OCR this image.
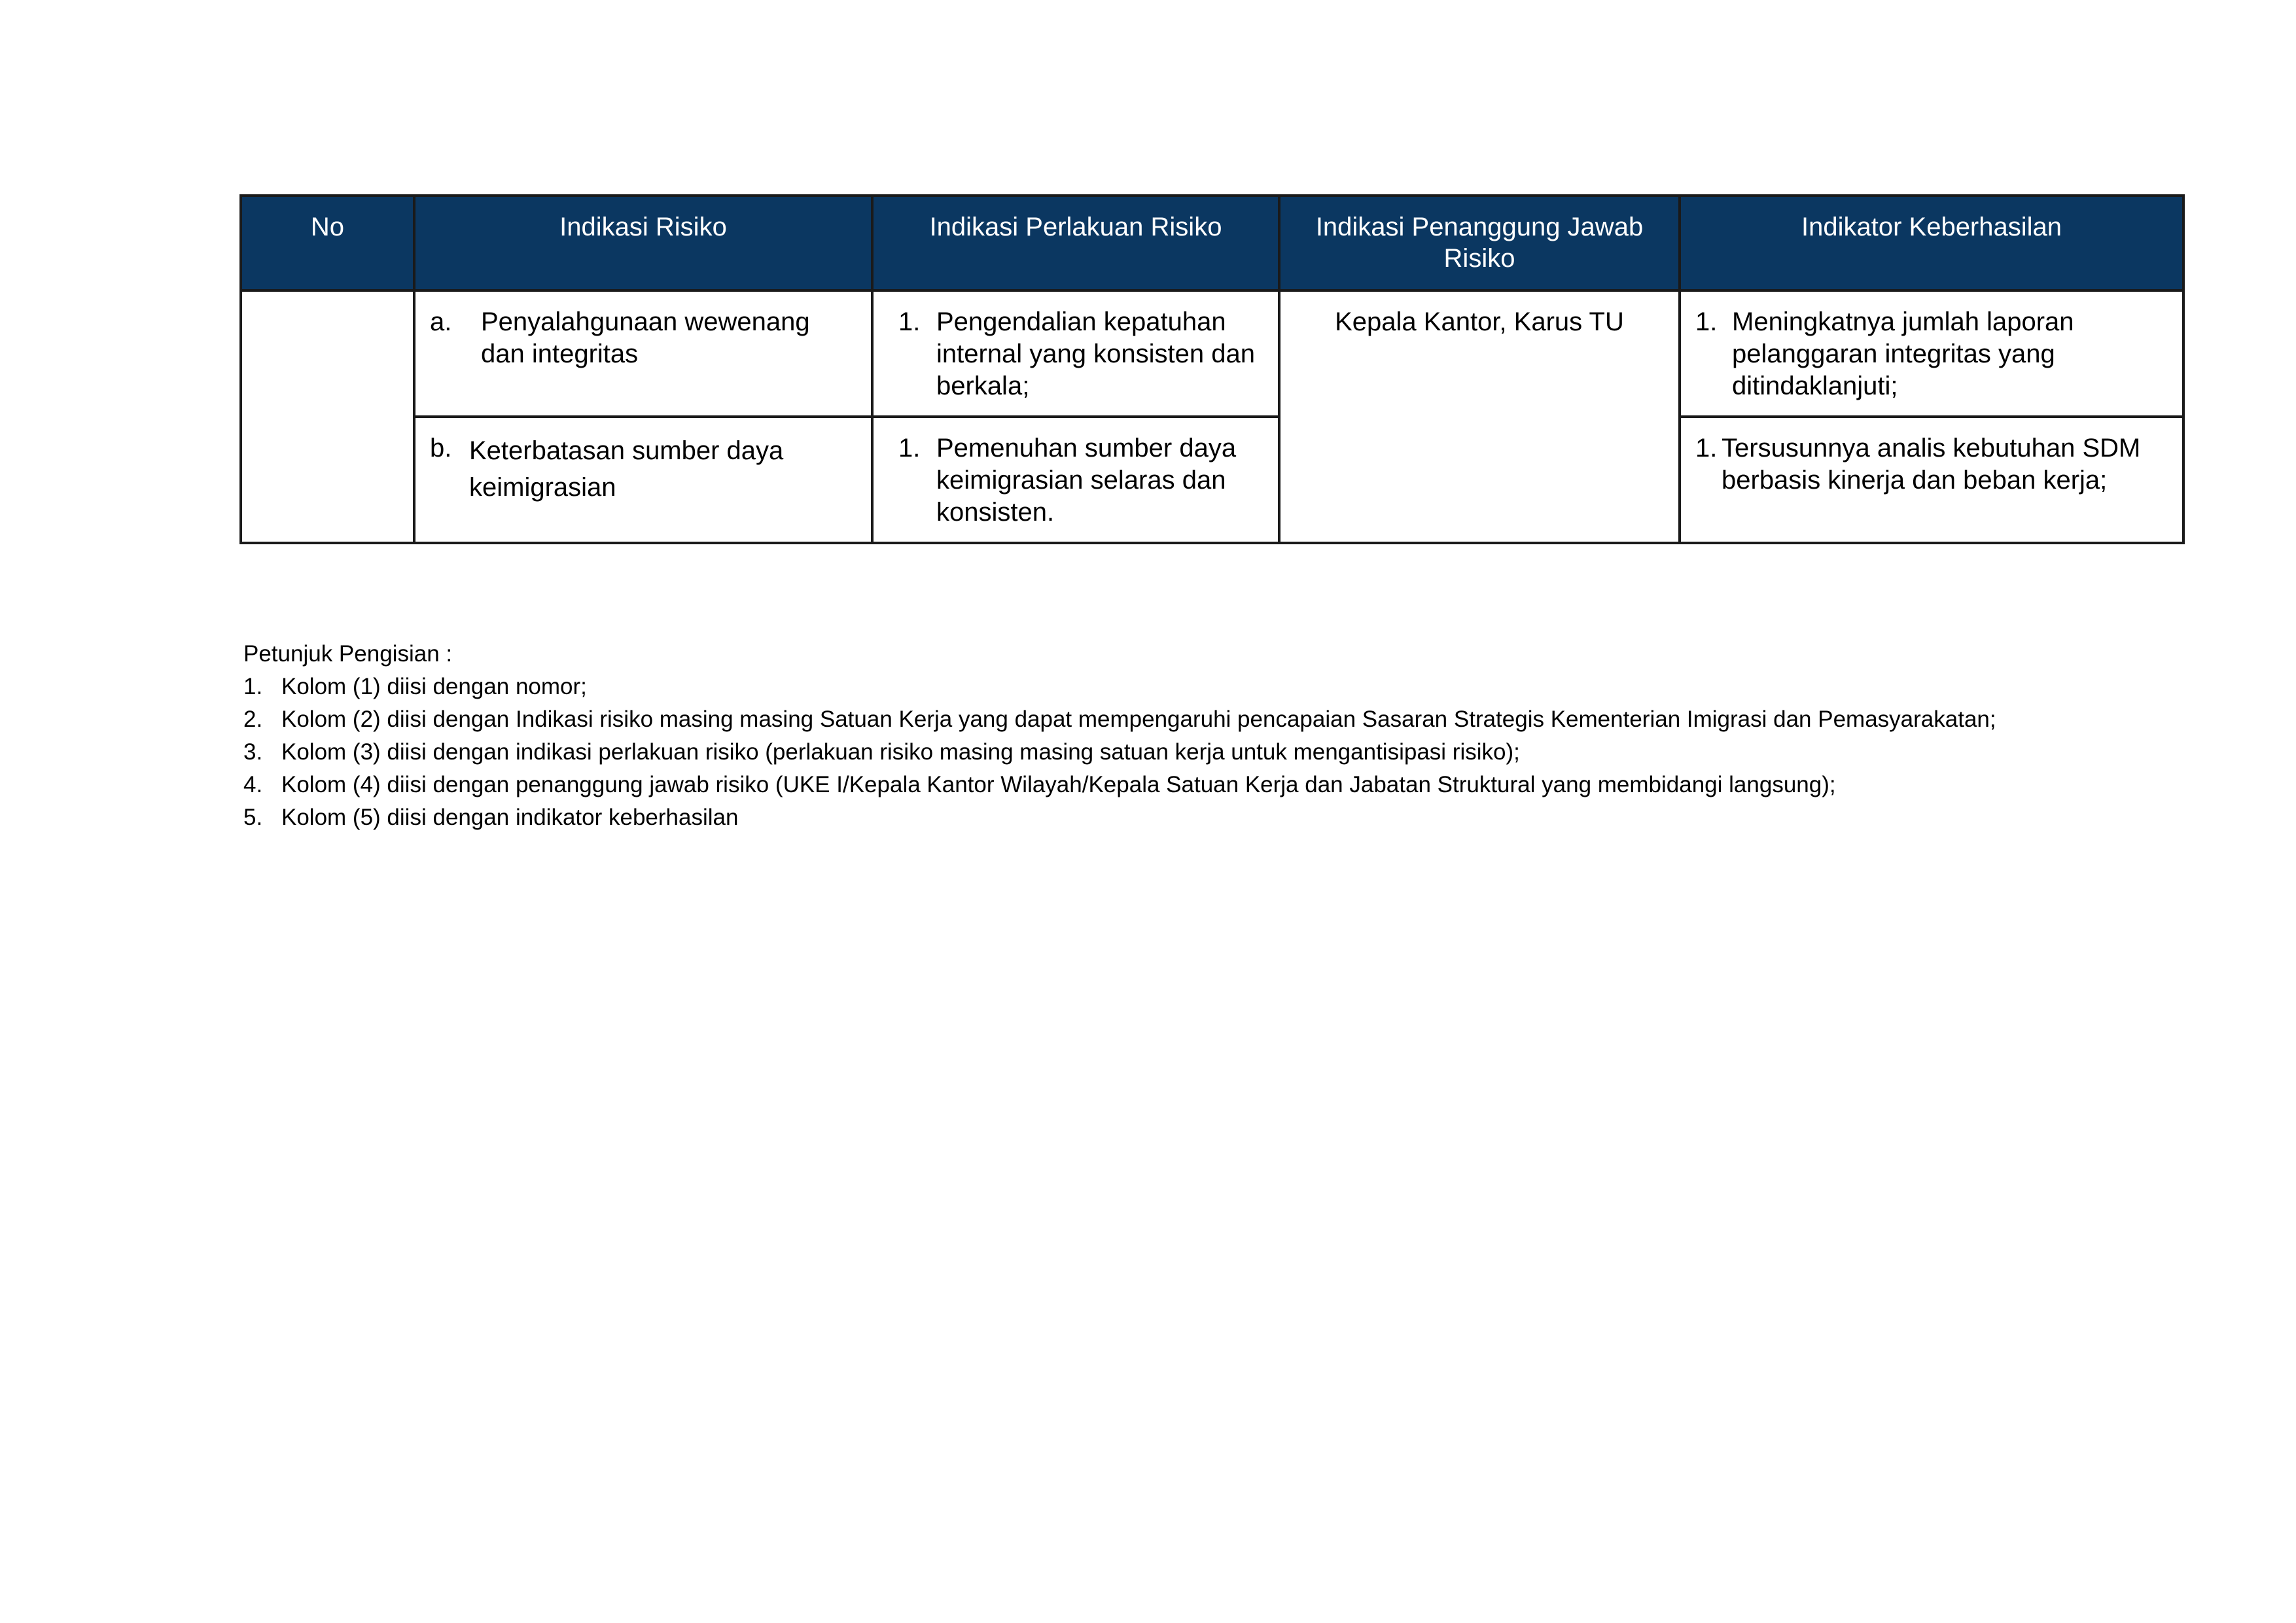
No	Indikasi Risiko	Indikasi Perlakuan Risiko	Indikasi Penanggung Jawab Risiko	Indikator Keberhasilan

	a. Penyalahgunaan wewenang dan integritas	1. Pengendalian kepatuhan internal yang konsisten dan berkala;	Kepala Kantor, Karus TU	1. Meningkatnya jumlah laporan pelanggaran integritas yang ditindaklanjuti;

	b. Keterbatasan sumber daya keimigrasian	1. Pemenuhan sumber daya keimigrasian selaras dan konsisten.		1. Tersusunnya analis kebutuhan SDM berbasis kinerja dan beban kerja;
Petunjuk Pengisian :
1. Kolom (1) diisi dengan nomor;
2. Kolom (2) diisi dengan Indikasi risiko masing masing Satuan Kerja yang dapat mempengaruhi pencapaian Sasaran Strategis Kementerian Imigrasi dan Pemasyarakatan;
3. Kolom (3) diisi dengan indikasi perlakuan risiko (perlakuan risiko masing masing satuan kerja untuk mengantisipasi risiko);
4. Kolom (4) diisi dengan penanggung jawab risiko (UKE I/Kepala Kantor Wilayah/Kepala Satuan Kerja dan Jabatan Struktural yang membidangi langsung);
5. Kolom (5) diisi dengan indikator keberhasilan
